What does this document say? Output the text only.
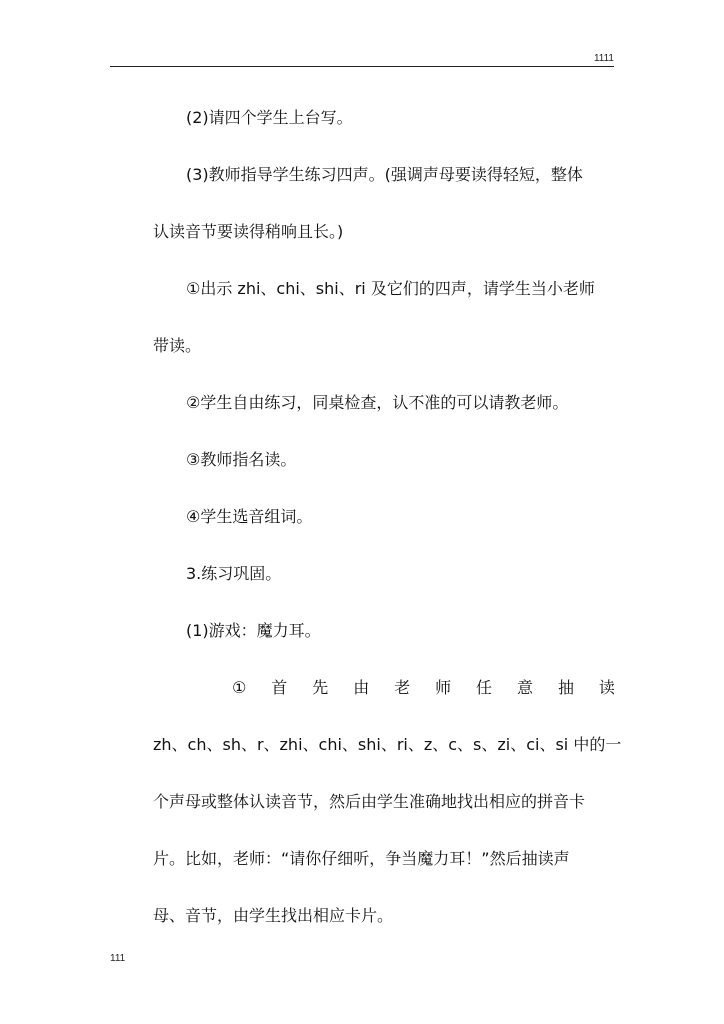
1111
(2)请四个学生上台写。
(3)教师指导学生练习四声。(强调声母要读得轻短，整体
认读音节要读得稍响且长。)
①出示 zhi、chi、shi、ri 及它们的四声，请学生当小老师
带读。
②学生自由练习，同桌检查，认不准的可以请教老师。
③教师指名读。
④学生选音组词。
3.练习巩固。
(1)游戏：魔力耳。
① 首 先 由 老 师 任 意 抽 读
zh、ch、sh、r、zhi、chi、shi、ri、z、c、s、zi、ci、si 中的一
个声母或整体认读音节，然后由学生准确地找出相应的拼音卡
片。比如，老师：“请你仔细听，争当魔力耳！”然后抽读声
母、音节，由学生找出相应卡片。
111
